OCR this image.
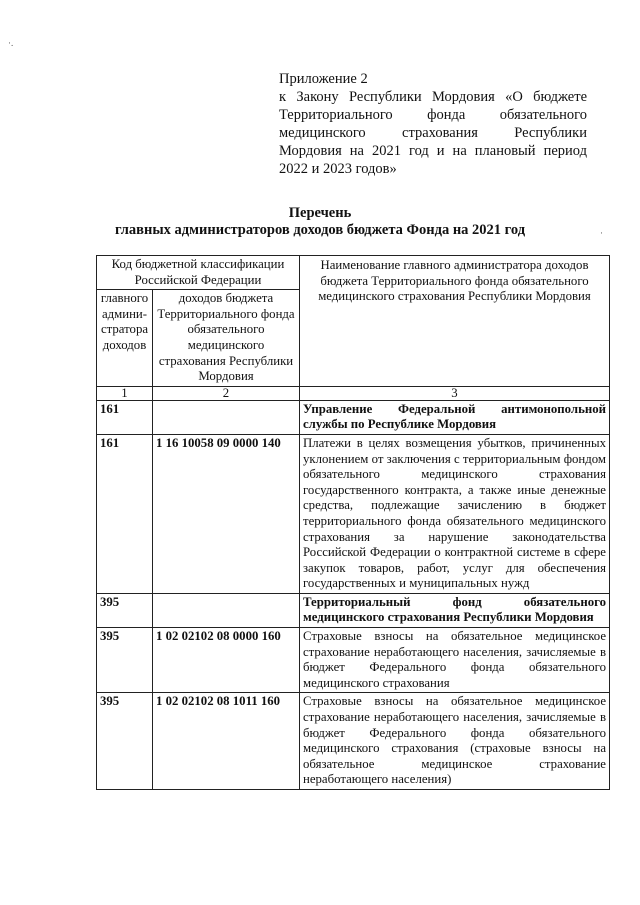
·.
·
Приложение 2
к Закону Республики Мордовия «О бюджете
Территориального фонда обязательного
медицинского страхования Республики
Мордовия на 2021 год и на плановый период
2022 и 2023 годов»
Перечень
главных администраторов доходов бюджета Фонда на 2021 год
Код бюджетной классификации Российской Федерации		Наименование главного администратора доходов бюджета Территориального фонда обязательного медицинского страхования Республики Мордовия
главного админи-стратора доходов	доходов бюджета Территориального фонда обязательного медицинского страхования Республики Мордовия	
1	2	3
161		Управление Федеральной антимонопольной службы по Республике Мордовия
161	1 16 10058 09 0000 140	Платежи в целях возмещения убытков, причиненных уклонением от заключения с территориальным фондом обязательного медицинского страхования государственного контракта, а также иные денежные средства, подлежащие зачислению в бюджет территориального фонда обязательного медицинского страхования за нарушение законодательства Российской Федерации о контрактной системе в сфере закупок товаров, работ, услуг для обеспечения государственных и муниципальных нужд
395		Территориальный фонд обязательного медицинского страхования Республики Мордовия
395	1 02 02102 08 0000 160	Страховые взносы на обязательное медицинское страхование неработающего населения, зачисляемые в бюджет Федерального фонда обязательного медицинского страхования
395	1 02 02102 08 1011 160	Страховые взносы на обязательное медицинское страхование неработающего населения, зачисляемые в бюджет Федерального фонда обязательного медицинского страхования (страховые взносы на обязательное медицинское страхование неработающего населения)
